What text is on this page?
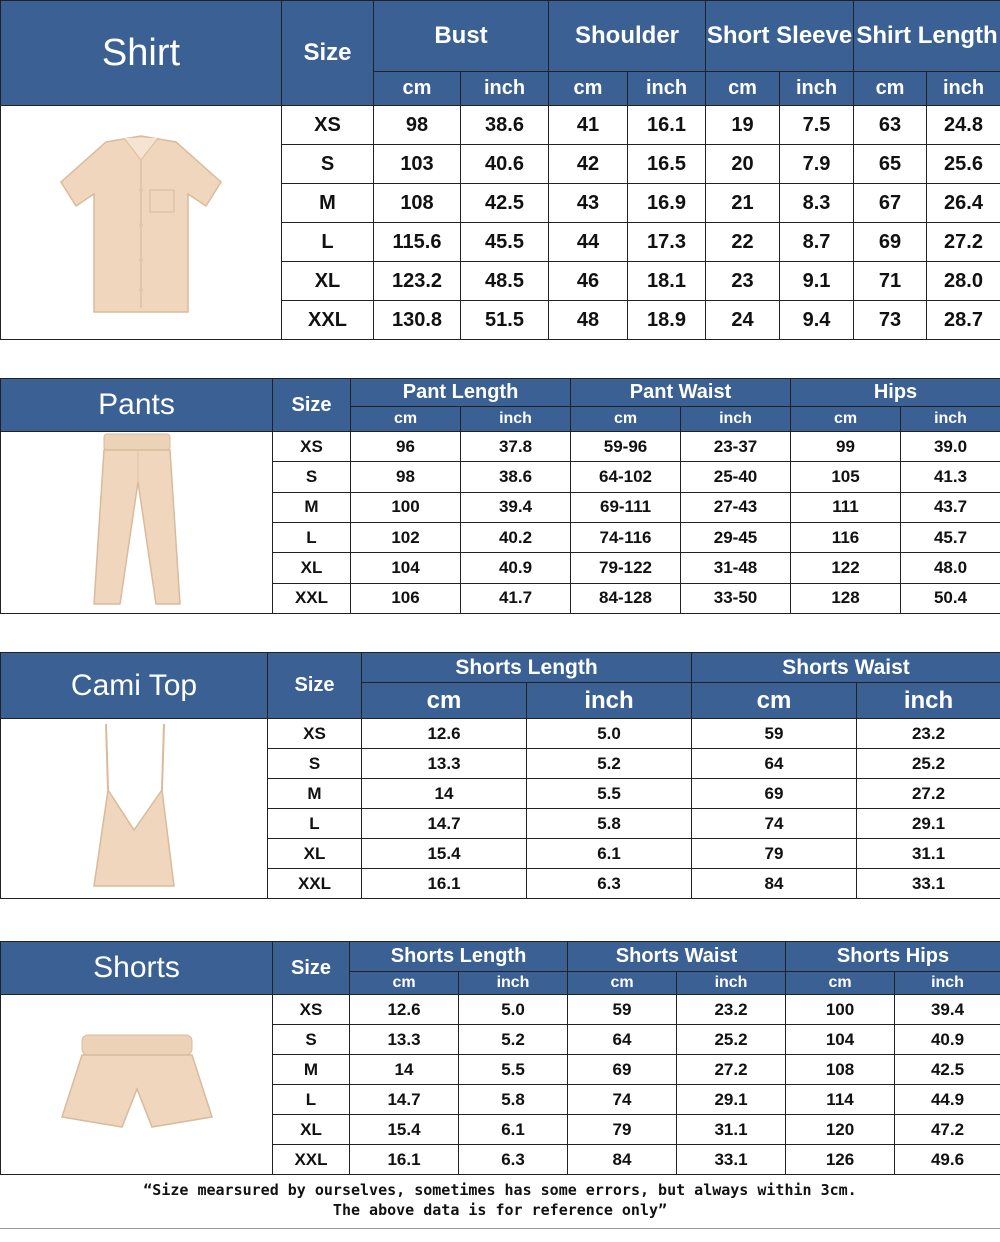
Shirt	Size	Bust		Shoulder		Short Sleeve		Shirt Length	
		cm	inch	cm	inch	cm	inch	cm	inch
	XS	98	38.6	41	16.1	19	7.5	63	24.8
	S	103	40.6	42	16.5	20	7.9	65	25.6
	M	108	42.5	43	16.9	21	8.3	67	26.4
	L	115.6	45.5	44	17.3	22	8.7	69	27.2
	XL	123.2	48.5	46	18.1	23	9.1	71	28.0
	XXL	130.8	51.5	48	18.9	24	9.4	73	28.7
Pants	Size	Pant Length		Pant Waist		Hips	
		cm	inch	cm	inch	cm	inch
	XS	96	37.8	59-96	23-37	99	39.0
	S	98	38.6	64-102	25-40	105	41.3
	M	100	39.4	69-111	27-43	111	43.7
	L	102	40.2	74-116	29-45	116	45.7
	XL	104	40.9	79-122	31-48	122	48.0
	XXL	106	41.7	84-128	33-50	128	50.4
Cami Top	Size	Shorts Length		Shorts Waist	
		cm	inch	cm	inch
	XS	12.6	5.0	59	23.2
	S	13.3	5.2	64	25.2
	M	14	5.5	69	27.2
	L	14.7	5.8	74	29.1
	XL	15.4	6.1	79	31.1
	XXL	16.1	6.3	84	33.1
Shorts	Size	Shorts Length		Shorts Waist		Shorts Hips	
		cm	inch	cm	inch	cm	inch
	XS	12.6	5.0	59	23.2	100	39.4
	S	13.3	5.2	64	25.2	104	40.9
	M	14	5.5	69	27.2	108	42.5
	L	14.7	5.8	74	29.1	114	44.9
	XL	15.4	6.1	79	31.1	120	47.2
	XXL	16.1	6.3	84	33.1	126	49.6
“Size mearsured by ourselves, sometimes has some errors, but always within 3cm.
The above data is for reference only”
